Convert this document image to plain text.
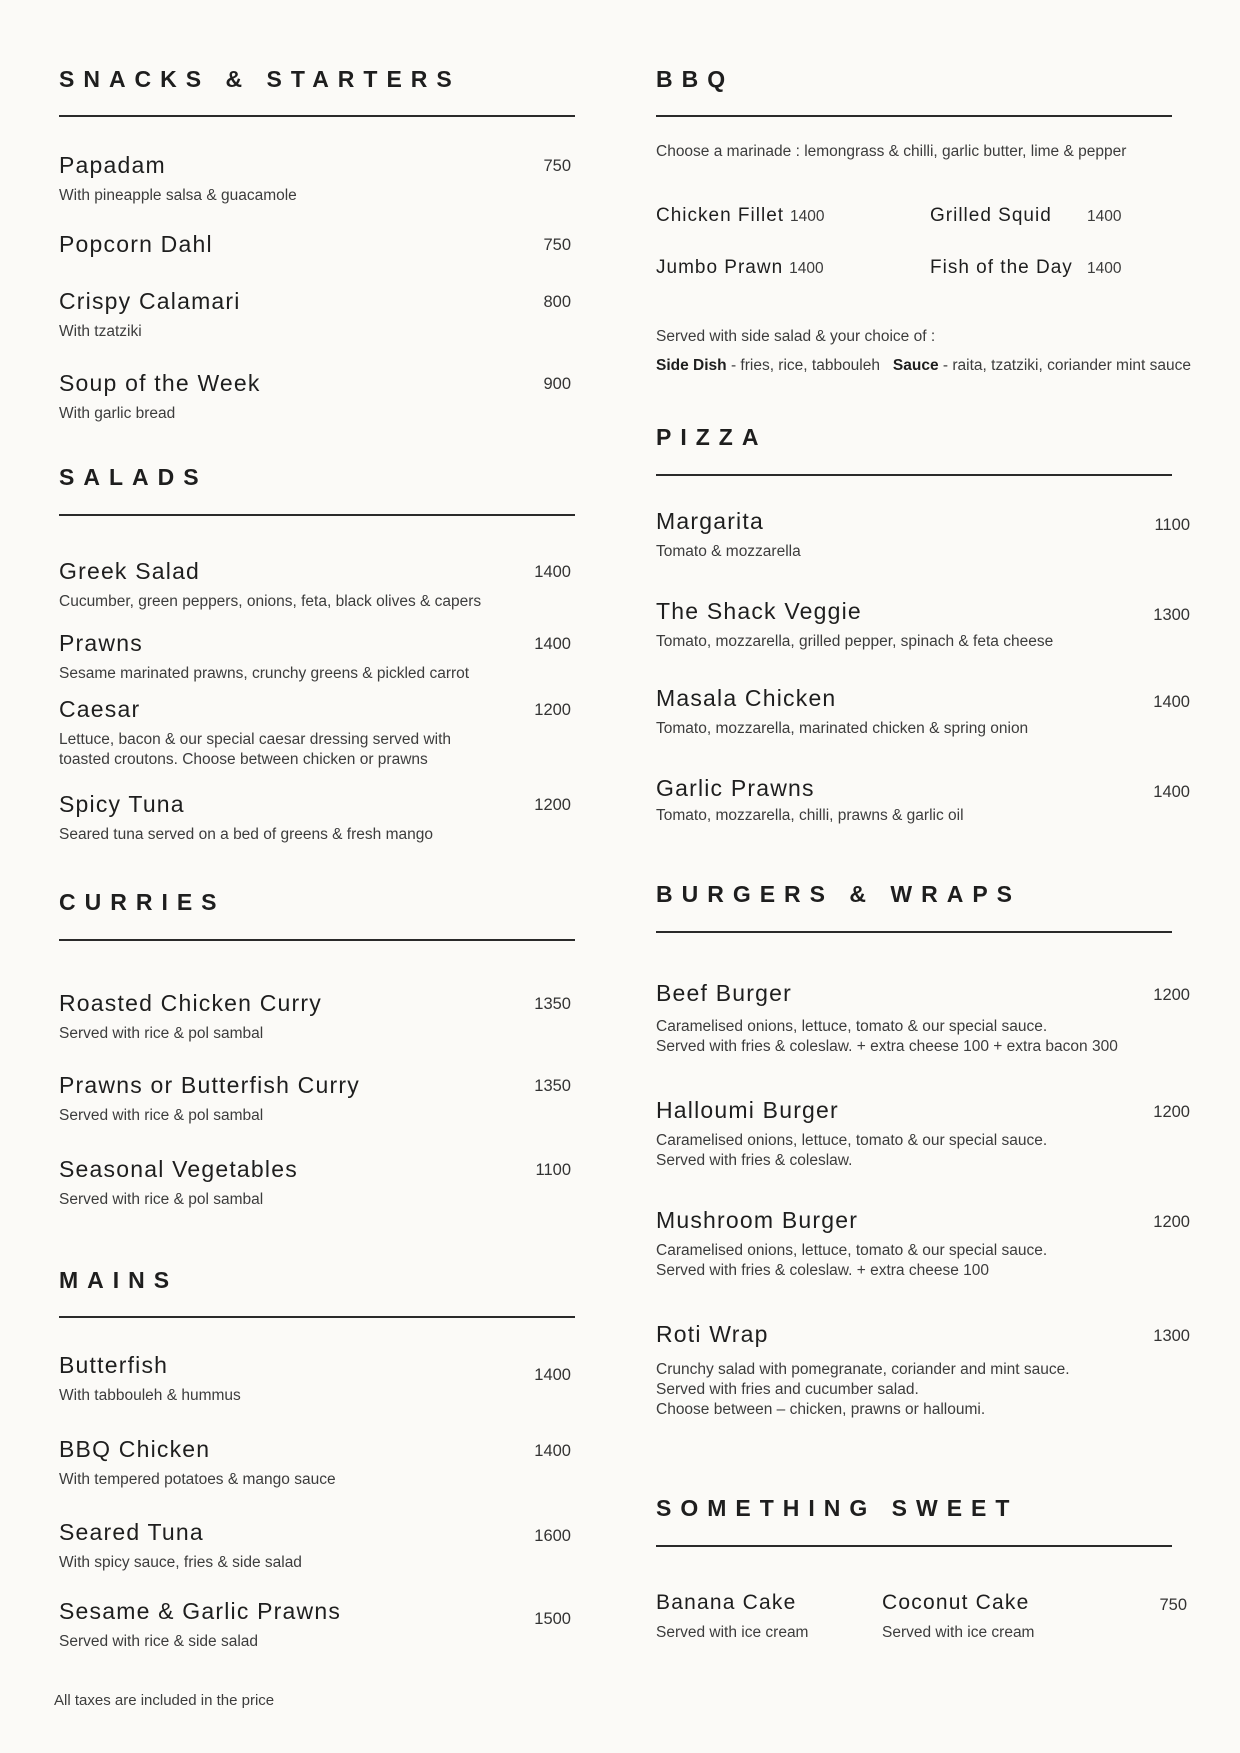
SNACKS & STARTERS
Papadam
With pineapple salsa & guacamole
750
Popcorn Dahl	750
Crispy Calamari
With tzatziki
800
Soup of the Week
With garlic bread
900
SALADS
Greek Salad
Cucumber, green peppers, onions, feta, black olives & capers
1400
Prawns
Sesame marinated prawns, crunchy greens & pickled carrot
1400
Caesar
Lettuce, bacon & our special caesar dressing served with
toasted croutons. Choose between chicken or prawns
1200
Spicy Tuna
Seared tuna served on a bed of greens & fresh mango
1200
CURRIES
Roasted Chicken Curry
Served with rice & pol sambal
1350
Prawns or Butterfish Curry
Served with rice & pol sambal
1350
Seasonal Vegetables
Served with rice & pol sambal
1100
MAINS
Butterfish
With tabbouleh & hummus
1400
BBQ Chicken
With tempered potatoes & mango sauce
1400
Seared Tuna
With spicy sauce, fries & side salad
1600
Sesame & Garlic Prawns
Served with rice & side salad
1500
All taxes are included in the price
BBQ
Choose a marinade : lemongrass & chilli, garlic butter, lime & pepper
Chicken Fillet 1400	Grilled Squid 1400
Jumbo Prawn 1400	Fish of the Day 1400
Served with side salad & your choice of :
Side Dish - fries, rice, tabbouleh Sauce - raita, tzatziki, coriander mint sauce
PIZZA
Margarita
Tomato & mozzarella
1100
The Shack Veggie
Tomato, mozzarella, grilled pepper, spinach & feta cheese
1300
Masala Chicken
Tomato, mozzarella, marinated chicken & spring onion
1400
Garlic Prawns
Tomato, mozzarella, chilli, prawns & garlic oil
1400
BURGERS & WRAPS
Beef Burger
Caramelised onions, lettuce, tomato & our special sauce.
Served with fries & coleslaw. + extra cheese 100 + extra bacon 300
1200
Halloumi Burger
Caramelised onions, lettuce, tomato & our special sauce.
Served with fries & coleslaw.
1200
Mushroom Burger
Caramelised onions, lettuce, tomato & our special sauce.
Served with fries & coleslaw. + extra cheese 100
1200
Roti Wrap
Crunchy salad with pomegranate, coriander and mint sauce.
Served with fries and cucumber salad.
Choose between – chicken, prawns or halloumi.
1300
SOMETHING SWEET
Banana Cake
Served with ice cream
Coconut Cake
Served with ice cream
750
